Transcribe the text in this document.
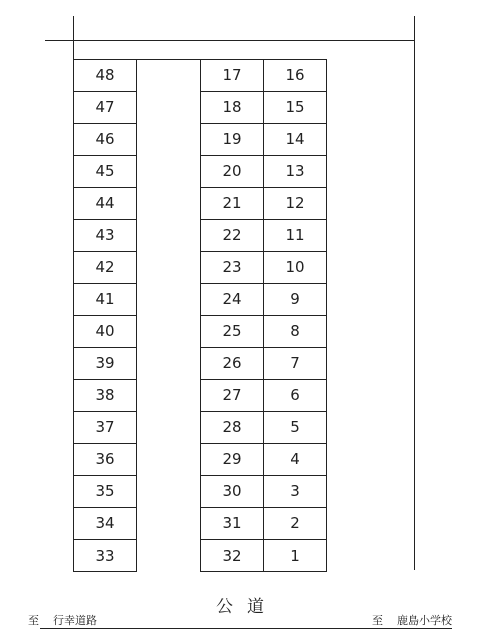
48
47
46
45
44
43
42
41
40
39
38
37
36
35
34
33
17
18
19
20
21
22
23
24
25
26
27
28
29
30
31
32
16
15
14
13
12
11
10
9
8
7
6
5
4
3
2
1
公道
至 行幸道路	至 鹿島小学校
